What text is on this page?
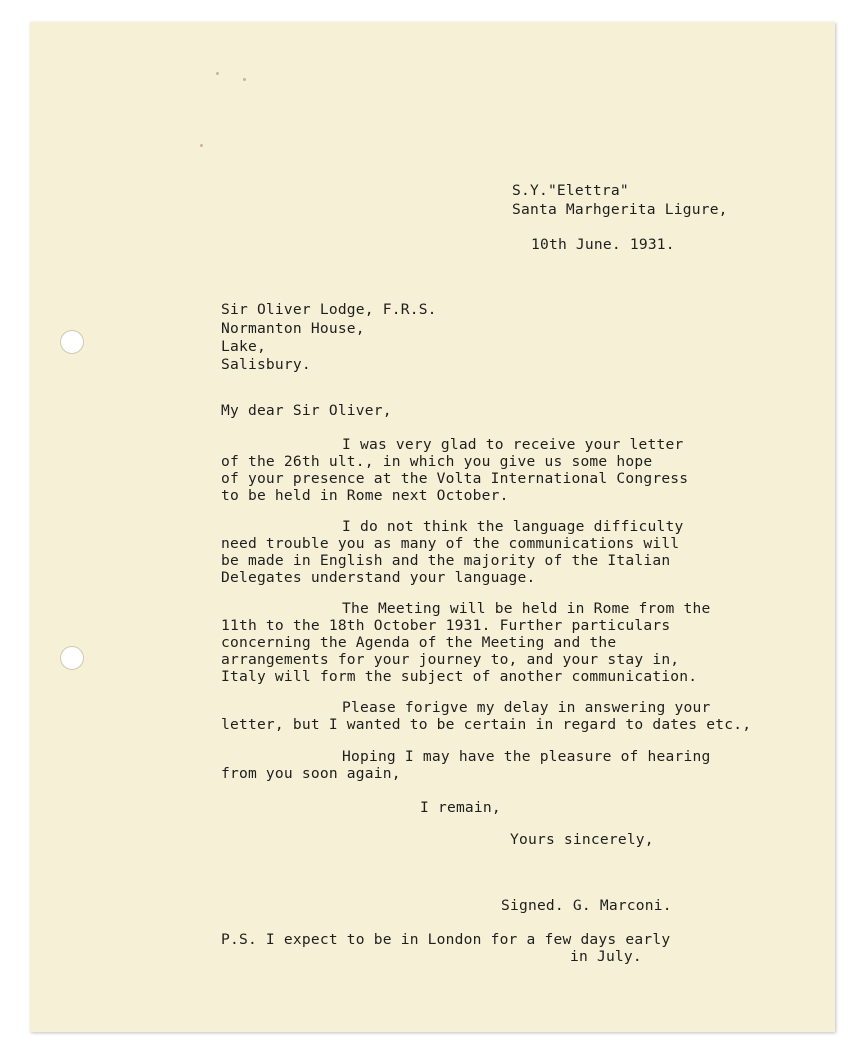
S.Y."Elettra"
Santa Marhgerita Ligure,
10th June. 1931.
Sir Oliver Lodge, F.R.S.
Normanton House,
Lake,
Salisbury.
My dear Sir Oliver,
I was very glad to receive your letter
of the 26th ult., in which you give us some hope
of your presence at the Volta International Congress
to be held in Rome next October.
I do not think the language difficulty
need trouble you as many of the communications will
be made in English and the majority of the Italian
Delegates understand your language.
The Meeting will be held in Rome from the
11th to the 18th October 1931. Further particulars
concerning the Agenda of the Meeting and the
arrangements for your journey to, and your stay in,
Italy will form the subject of another communication.
Please forigve my delay in answering your
letter, but I wanted to be certain in regard to dates etc.,
Hoping I may have the pleasure of hearing
from you soon again,
I remain,
Yours sincerely,
Signed. G. Marconi.
P.S. I expect to be in London for a few days early
in July.
